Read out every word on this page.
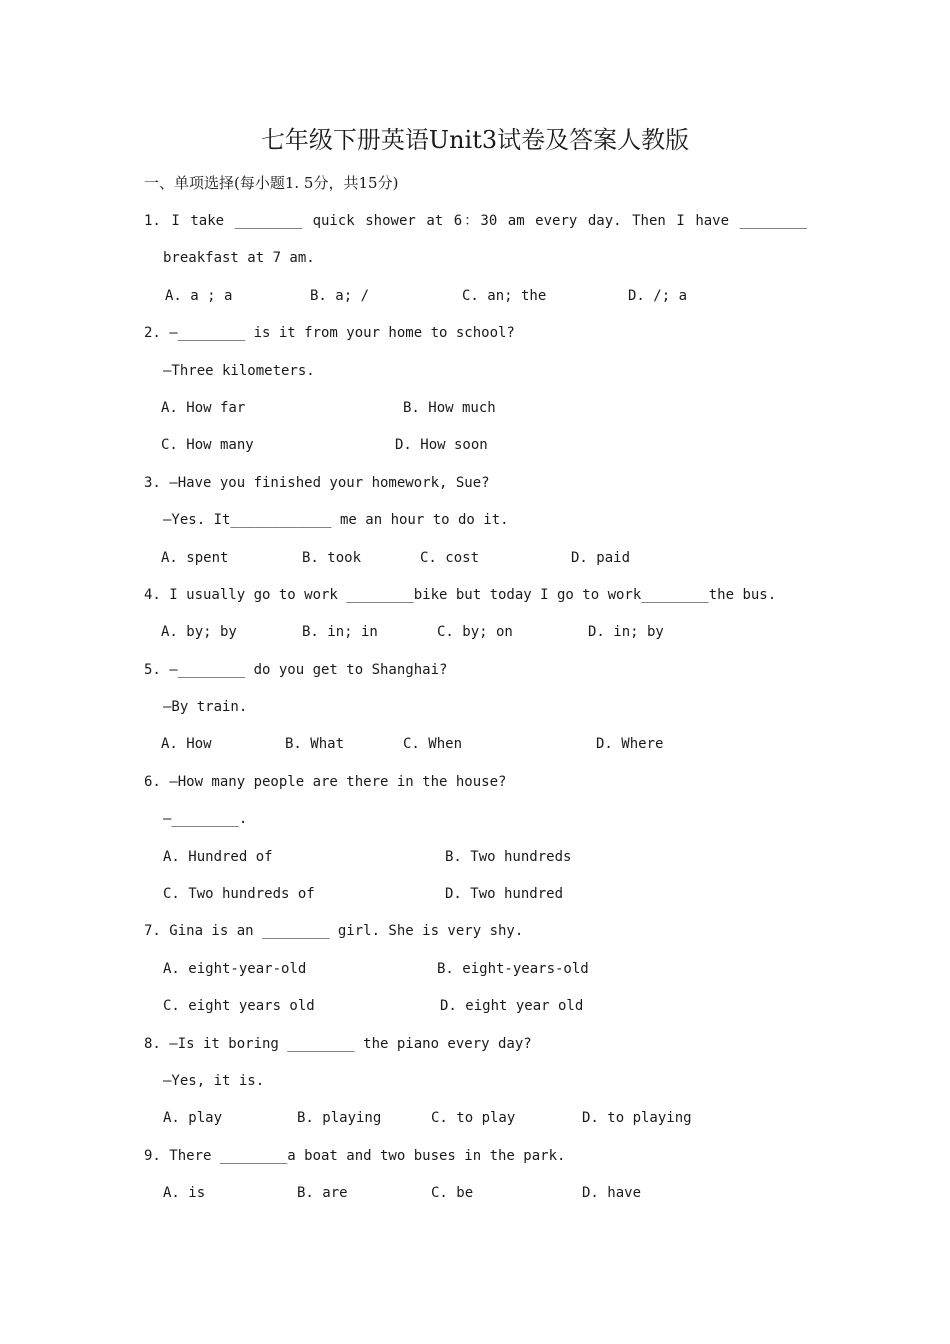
七年级下册英语Unit3试卷及答案人教版
一、单项选择(每小题1. 5分，共15分)
1. I take ________ quick shower at 6：30 am every day. Then I have ________
breakfast at 7 am.
A. a ; a	B. a; /	C. an; the	D. /; a
2. —________ is it from your home to school?
—Three kilometers.
A. How far	B. How much
C. How many	D. How soon
3. —Have you finished your homework, Sue?
—Yes. It____________ me an hour to do it.
A. spent	B. took	C. cost	D. paid
4. I usually go to work ________bike but today I go to work________the bus.
A. by; by	B. in; in	C. by; on	D. in; by
5. —________ do you get to Shanghai?
—By train.
A. How	B. What	C. When	D. Where
6. —How many people are there in the house?
—________.
A. Hundred of	B. Two hundreds
C. Two hundreds of	D. Two hundred
7. Gina is an ________ girl. She is very shy.
A. eight-year-old	B. eight-years-old
C. eight years old	D. eight year old
8. —Is it boring ________ the piano every day?
—Yes, it is.
A. play	B. playing	C. to play	D. to playing
9. There ________a boat and two buses in the park.
A. is	B. are	C. be	D. have
